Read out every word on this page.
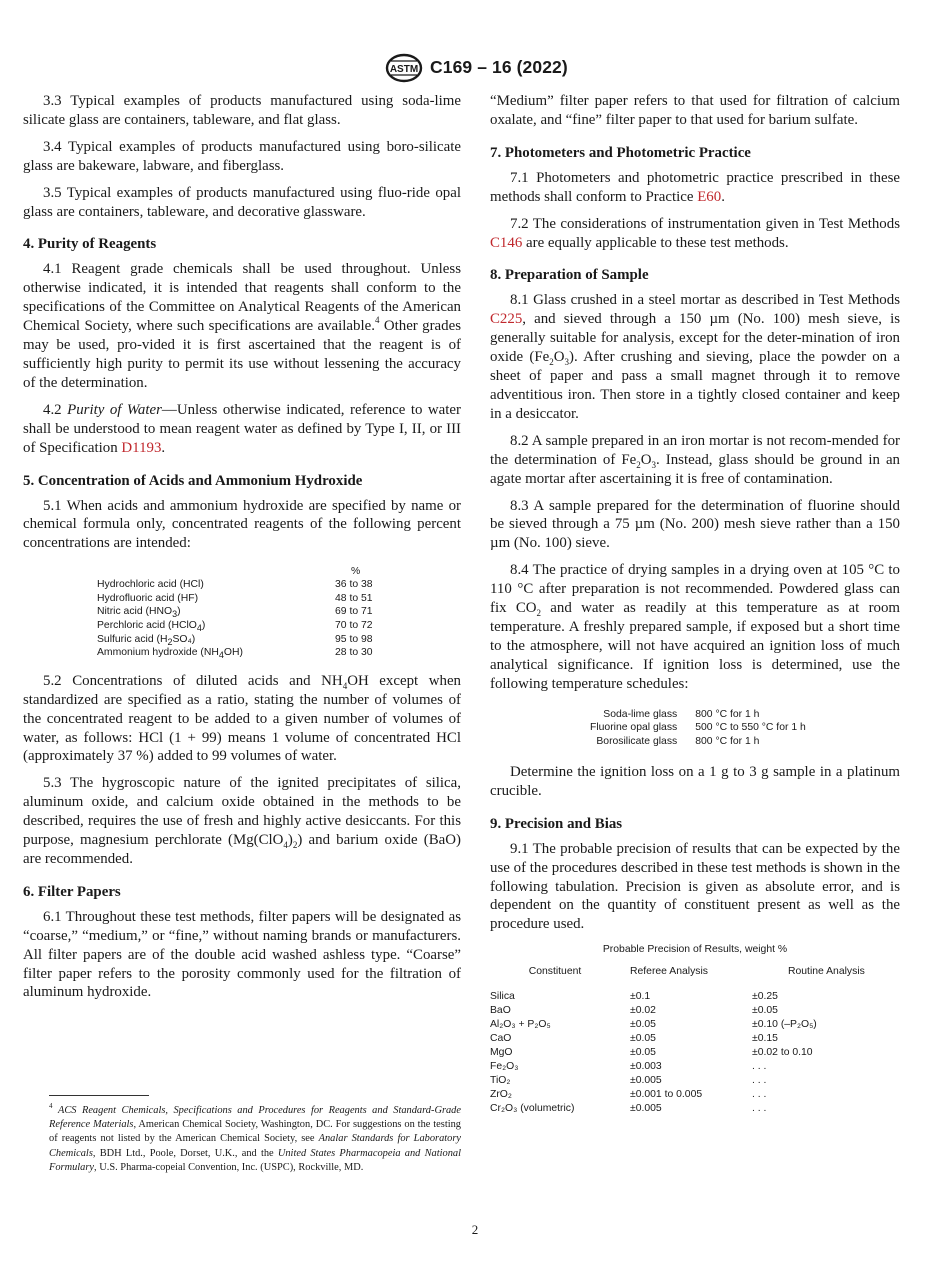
ASTM C169 – 16 (2022)

3.3 Typical examples of products manufactured using soda-lime silicate glass are containers, tableware, and flat glass.

3.4 Typical examples of products manufactured using boro-silicate glass are bakeware, labware, and fiberglass.

3.5 Typical examples of products manufactured using fluo-ride opal glass are containers, tableware, and decorative glassware.

4. Purity of Reagents

4.1 Reagent grade chemicals shall be used throughout. Unless otherwise indicated, it is intended that reagents shall conform to the specifications of the Committee on Analytical Reagents of the American Chemical Society, where such specifications are available.$^4$ Other grades may be used, pro-vided it is first ascertained that the reagent is of sufficiently high purity to permit its use without lessening the accuracy of the determination.

4.2 Purity of Water—Unless otherwise indicated, reference to water shall be understood to mean reagent water as defined by Type I, II, or III of Specification D1193.

5. Concentration of Acids and Ammonium Hydroxide

5.1 When acids and ammonium hydroxide are specified by name or chemical formula only, concentrated reagents of the following percent concentrations are intended:

	%
Hydrochloric acid (HCl)	36 to 38
Hydrofluoric acid (HF)	48 to 51
Nitric acid $(HNO_3)$	69 to 71
Perchloric acid (HClO$_4$)	70 to 72
Sulfuric acid $(H_2SO_4)$	95 to 98
Ammonium hydroxide $(NH_4OH)$	28 to 30

5.2 Concentrations of diluted acids and $NH_4OH$ except when standardized are specified as a ratio, stating the number of volumes of the concentrated reagent to be added to a given number of volumes of water, as follows: HCl (1 + 99) means 1 volume of concentrated HCl (approximately 37 %) added to 99 volumes of water.

5.3 The hygroscopic nature of the ignited precipitates of silica, aluminum oxide, and calcium oxide obtained in the methods to be described, requires the use of fresh and highly active desiccants. For this purpose, magnesium perchlorate $(Mg(ClO_4)_2)$ and barium oxide (BaO) are recommended.

6. Filter Papers

6.1 Throughout these test methods, filter papers will be designated as “coarse,” “medium,” or “fine,” without naming brands or manufacturers. All filter papers are of the double acid washed ashless type. “Coarse” filter paper refers to the porosity commonly used for the filtration of aluminum hydroxide.

$^4$ ACS Reagent Chemicals, Specifications and Procedures for Reagents and Standard-Grade Reference Materials, American Chemical Society, Washington, DC. For suggestions on the testing of reagents not listed by the American Chemical Society, see Analar Standards for Laboratory Chemicals, BDH Ltd., Poole, Dorset, U.K., and the United States Pharmacopeia and National Formulary, U.S. Pharma-copeial Convention, Inc. (USPC), Rockville, MD.

“Medium” filter paper refers to that used for filtration of calcium oxalate, and “fine” filter paper to that used for barium sulfate.

7. Photometers and Photometric Practice

7.1 Photometers and photometric practice prescribed in these methods shall conform to Practice E60.

7.2 The considerations of instrumentation given in Test Methods C146 are equally applicable to these test methods.

8. Preparation of Sample

8.1 Glass crushed in a steel mortar as described in Test Methods C225, and sieved through a 150 µm (No. 100) mesh sieve, is generally suitable for analysis, except for the deter-mination of iron oxide $(Fe_2O_3)$. After crushing and sieving, place the powder on a sheet of paper and pass a small magnet through it to remove adventitious iron. Then store in a tightly closed container and keep in a desiccator.

8.2 A sample prepared in an iron mortar is not recom-mended for the determination of $Fe_2O_3$. Instead, glass should be ground in an agate mortar after ascertaining it is free of contamination.

8.3 A sample prepared for the determination of fluorine should be sieved through a 75 µm (No. 200) mesh sieve rather than a 150 µm (No. 100) sieve.

8.4 The practice of drying samples in a drying oven at 105 °C to 110 °C after preparation is not recommended. Powdered glass can fix $CO_2$ and water as readily at this temperature as at room temperature. A freshly prepared sample, if exposed but a short time to the atmosphere, will not have acquired an ignition loss of much analytical significance. If ignition loss is determined, use the following temperature schedules:

Soda-lime glass	800 °C for 1 h
Fluorine opal glass	500 °C to 550 °C for 1 h
Borosilicate glass	800 °C for 1 h

Determine the ignition loss on a 1 g to 3 g sample in a platinum crucible.

9. Precision and Bias

9.1 The probable precision of results that can be expected by the use of the procedures described in these test methods is shown in the following tabulation. Precision is given as absolute error, and is dependent on the quantity of constituent present as well as the procedure used.

Probable Precision of Results, weight %
Constituent	Referee Analysis	Routine Analysis
Silica	±0.1	±0.25
BaO	±0.02	±0.05
Al₂O₃ + P₂O₅	±0.05	±0.10 (–P₂O₅)
CaO	±0.05	±0.15
MgO	±0.05	±0.02 to 0.10
Fe₂O₃	±0.003	. . .
TiO₂	±0.005	. . .
ZrO₂	±0.001 to 0.005	. . .
Cr₂O₃ (volumetric)	±0.005	. . .
2
